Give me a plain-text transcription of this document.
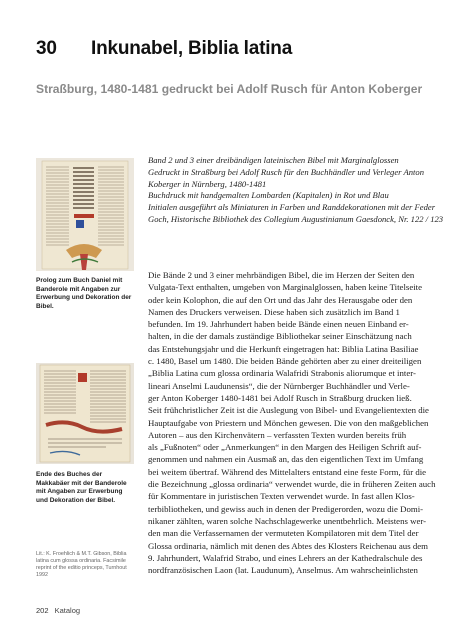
30 Inkunabel, Biblia latina
Straßburg, 1480-1481 gedruckt bei Adolf Rusch für Anton Koberger
Prolog zum Buch Daniel mit Banderole mit Angaben zur Erwerbung und Dekoration der Bibel.
Ende des Buches der Makkabäer mit der Banderole mit Angaben zur Erwerbung und Dekoration der Bibel.
Lit.: K. Froehlich & M.T. Gibson, Biblia latina cum glossa ordinaria. Facsimile reprint of the editio princeps, Turnhout 1992
Band 2 und 3 einer dreibändigen lateinischen Bibel mit Marginalglossen
Gedruckt in Straßburg bei Adolf Rusch für den Buchhändler und Verleger Anton
Koberger in Nürnberg, 1480-1481
Buchdruck mit handgemalten Lombarden (Kapitalen) in Rot und Blau
Initialen ausgeführt als Miniaturen in Farben und Randdekorationen mit der Feder
Goch, Historische Bibliothek des Collegium Augustinianum Gaesdonck, Nr. 122 / 123
Die Bände 2 und 3 einer mehrbändigen Bibel, die im Herzen der Seiten den
Vulgata-Text enthalten, umgeben von Marginalglossen, haben keine Titelseite
oder kein Kolophon, die auf den Ort und das Jahr des Herausgabe oder den
Namen des Druckers verweisen. Diese haben sich zusätzlich im Band 1
befunden. Im 19. Jahrhundert haben beide Bände einen neuen Einband er-
halten, in die der damals zuständige Bibliothekar seiner Einschätzung nach
das Entstehungsjahr und die Herkunft eingetragen hat: Biblia Latina Basiliae
c. 1480, Basel um 1480. Die beiden Bände gehörten aber zu einer dreiteiligen
„Biblia Latina cum glossa ordinaria Walafridi Strabonis aliorumque et inter-
lineari Anselmi Laudunensis“, die der Nürnberger Buchhändler und Verle-
ger Anton Koberger 1480-1481 bei Adolf Rusch in Straßburg drucken ließ.
Seit frühchristlicher Zeit ist die Auslegung von Bibel- und Evangelientexten die
Hauptaufgabe von Priestern und Mönchen gewesen. Die von den maßgeblichen
Autoren – aus den Kirchenvätern – verfassten Texten wurden bereits früh
als „Fußnoten“ oder „Anmerkungen“ in den Margen des Heiligen Schrift auf-
genommen und nahmen ein Ausmaß an, das den eigentlichen Text im Umfang
bei weitem übertraf. Während des Mittelalters entstand eine feste Form, für die
die Bezeichnung „glossa ordinaria“ verwendet wurde, die in früheren Zeiten auch
für Kommentare in juristischen Texten verwendet wurde. In fast allen Klos-
terbibliotheken, und gewiss auch in denen der Predigerorden, wozu die Domi-
nikaner zählten, waren solche Nachschlagewerke unentbehrlich. Meistens wer-
den man die Verfassernamen der vermuteten Kompilatoren mit dem Titel der
Glossa ordinaria, nämlich mit denen des Abtes des Klosters Reichenau aus dem
9. Jahrhundert, Walafrid Strabo, und eines Lehrers an der Kathedralschule des
nordfranzösischen Laon (lat. Laudunum), Anselmus. Am wahrscheinlichsten
202 Katalog
